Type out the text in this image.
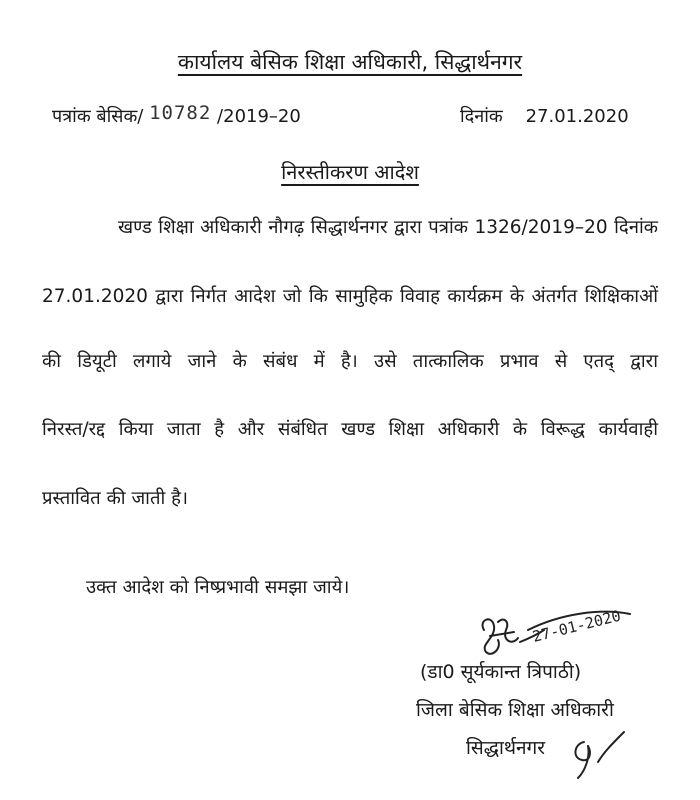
कार्यालय बेसिक शिक्षा अधिकारी, सिद्धार्थनगर
पत्रांक बेसिक/ 10782 /2019–20	दिनांक 27.01.2020
निरस्तीकरण आदेश
खण्ड शिक्षा अधिकारी नौगढ़ सिद्धार्थनगर द्वारा पत्रांक 1326/2019–20 दिनांक
27.01.2020 द्वारा निर्गत आदेश जो कि सामुहिक विवाह कार्यक्रम के अंतर्गत शिक्षिकाओं
की डियूटी लगाये जाने के संबंध में है। उसे तात्कालिक प्रभाव से एतद् द्वारा
निरस्त/रद्द किया जाता है और संबंधित खण्ड शिक्षा अधिकारी के विरूद्ध कार्यवाही
प्रस्तावित की जाती है।
उक्त आदेश को निष्प्रभावी समझा जाये।
27-01-2020
(डा0 सूर्यकान्त त्रिपाठी)
जिला बेसिक शिक्षा अधिकारी
सिद्धार्थनगर
